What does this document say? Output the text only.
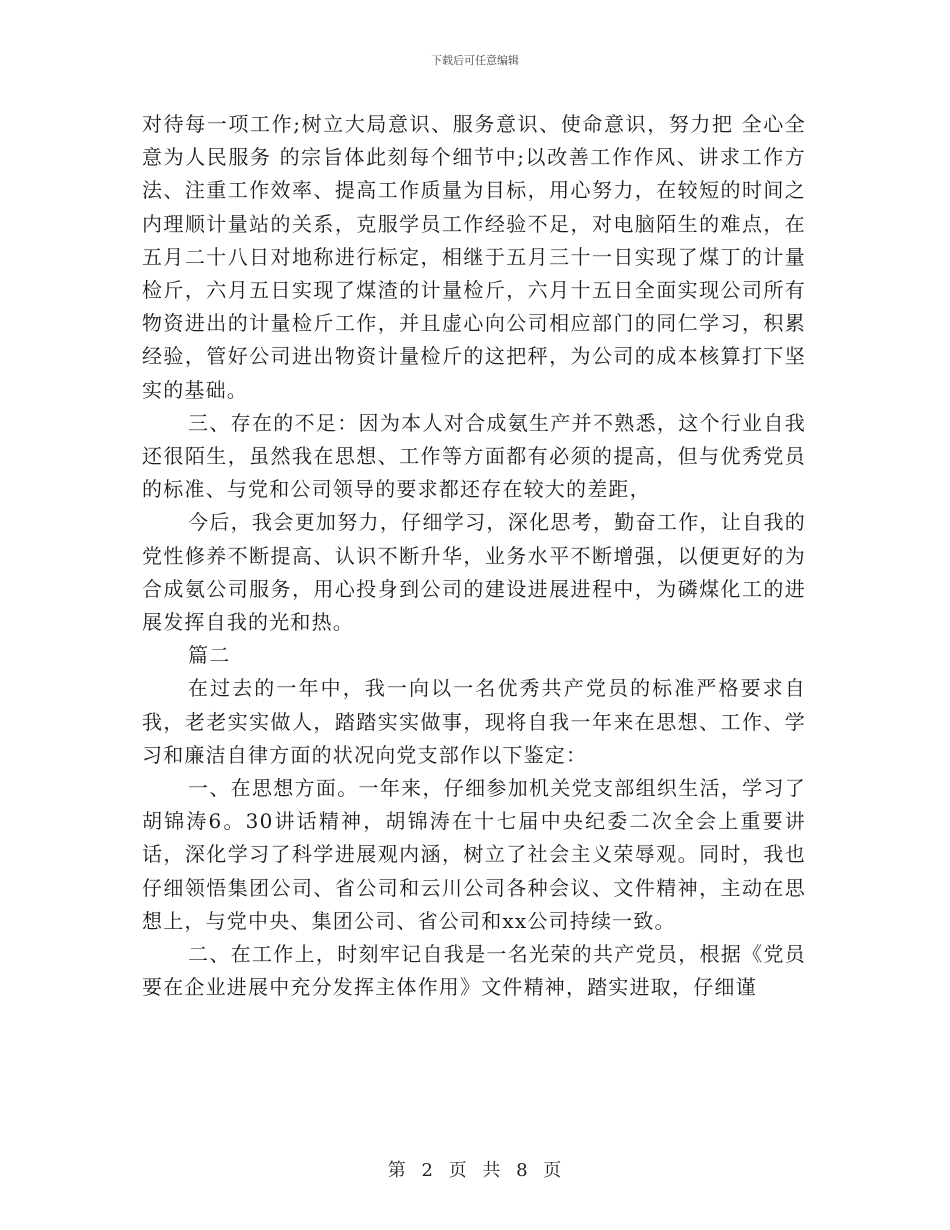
下载后可任意编辑

对待每一项工作;树立大局意识、服务意识、使命意识，努力把 全心全意为人民服务 的宗旨体此刻每个细节中;以改善工作作风、讲求工作方法、注重工作效率、提高工作质量为目标，用心努力，在较短的时间之内理顺计量站的关系，克服学员工作经验不足，对电脑陌生的难点，在五月二十八日对地称进行标定，相继于五月三十一日实现了煤丁的计量检斤，六月五日实现了煤渣的计量检斤，六月十五日全面实现公司所有物资进出的计量检斤工作，并且虚心向公司相应部门的同仁学习，积累经验，管好公司进出物资计量检斤的这把秤，为公司的成本核算打下坚实的基础。

三、存在的不足：因为本人对合成氨生产并不熟悉，这个行业自我还很陌生，虽然我在思想、工作等方面都有必须的提高，但与优秀党员的标准、与党和公司领导的要求都还存在较大的差距，

今后，我会更加努力，仔细学习，深化思考，勤奋工作，让自我的党性修养不断提高、认识不断升华，业务水平不断增强，以便更好的为合成氨公司服务，用心投身到公司的建设进展进程中，为磷煤化工的进展发挥自我的光和热。

篇二

在过去的一年中，我一向以一名优秀共产党员的标准严格要求自我，老老实实做人，踏踏实实做事，现将自我一年来在思想、工作、学习和廉洁自律方面的状况向党支部作以下鉴定：

一、在思想方面。一年来，仔细参加机关党支部组织生活，学习了胡锦涛6。30讲话精神，胡锦涛在十七届中央纪委二次全会上重要讲话，深化学习了科学进展观内涵，树立了社会主义荣辱观。同时，我也仔细领悟集团公司、省公司和云川公司各种会议、文件精神，主动在思想上，与党中央、集团公司、省公司和xx公司持续一致。

二、在工作上，时刻牢记自我是一名光荣的共产党员，根据《党员要在企业进展中充分发挥主体作用》文件精神，踏实进取，仔细谨

第 2 页 共 8 页
